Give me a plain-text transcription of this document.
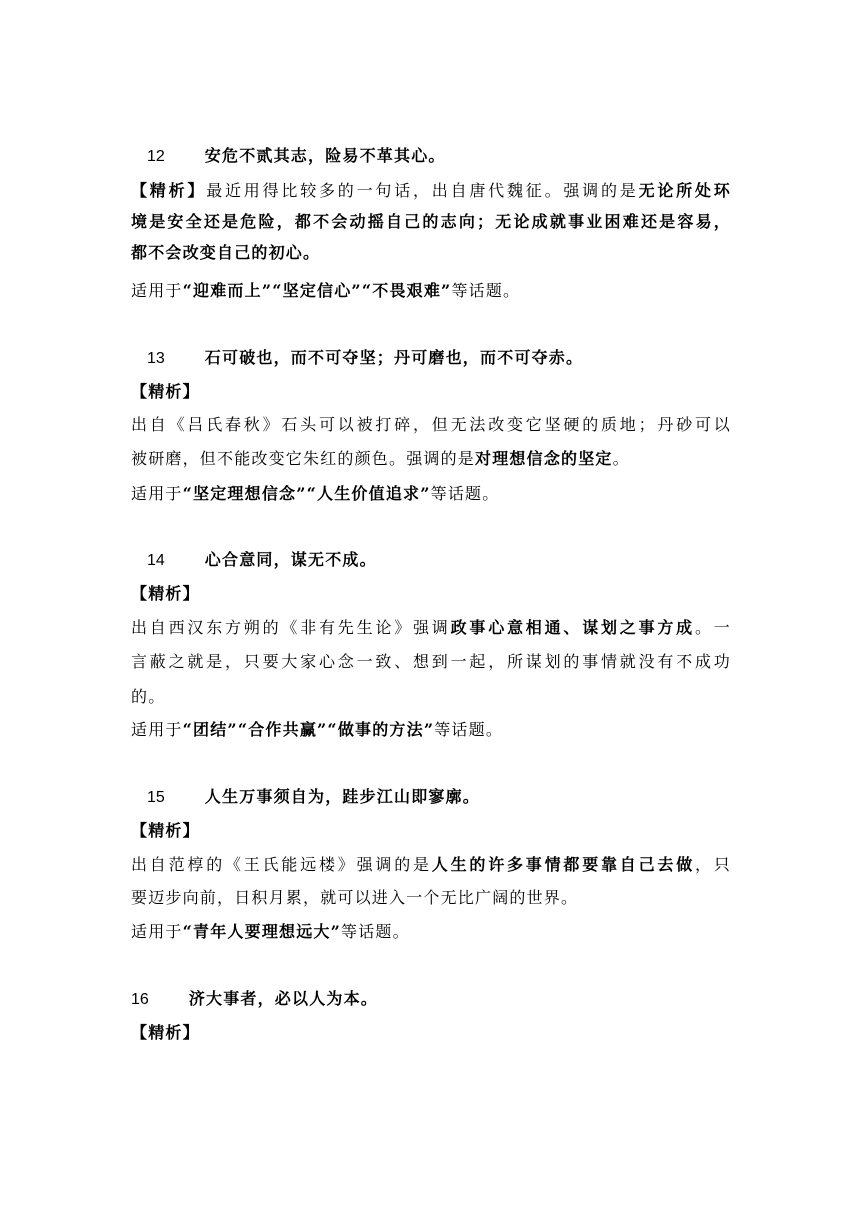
12	安危不贰其志，险易不革其心。
【精析】最近用得比较多的一句话，出自唐代魏征。强调的是无论所处环
境是安全还是危险，都不会动摇自己的志向；无论成就事业困难还是容易，
都不会改变自己的初心。
适用于“迎难而上”“坚定信心”“不畏艰难”等话题。
13	石可破也，而不可夺坚；丹可磨也，而不可夺赤。
【精析】
出自《吕氏春秋》石头可以被打碎，但无法改变它坚硬的质地；丹砂可以
被研磨，但不能改变它朱红的颜色。强调的是对理想信念的坚定。
适用于“坚定理想信念”“人生价值追求”等话题。
14	心合意同，谋无不成。
【精析】
出自西汉东方朔的《非有先生论》强调政事心意相通、谋划之事方成。一
言蔽之就是，只要大家心念一致、想到一起，所谋划的事情就没有不成功
的。
适用于“团结”“合作共赢”“做事的方法”等话题。
15	人生万事须自为，跬步江山即寥廓。
【精析】
出自范椁的《王氏能远楼》强调的是人生的许多事情都要靠自己去做，只
要迈步向前，日积月累，就可以进入一个无比广阔的世界。
适用于“青年人要理想远大”等话题。
16	济大事者，必以人为本。
【精析】
